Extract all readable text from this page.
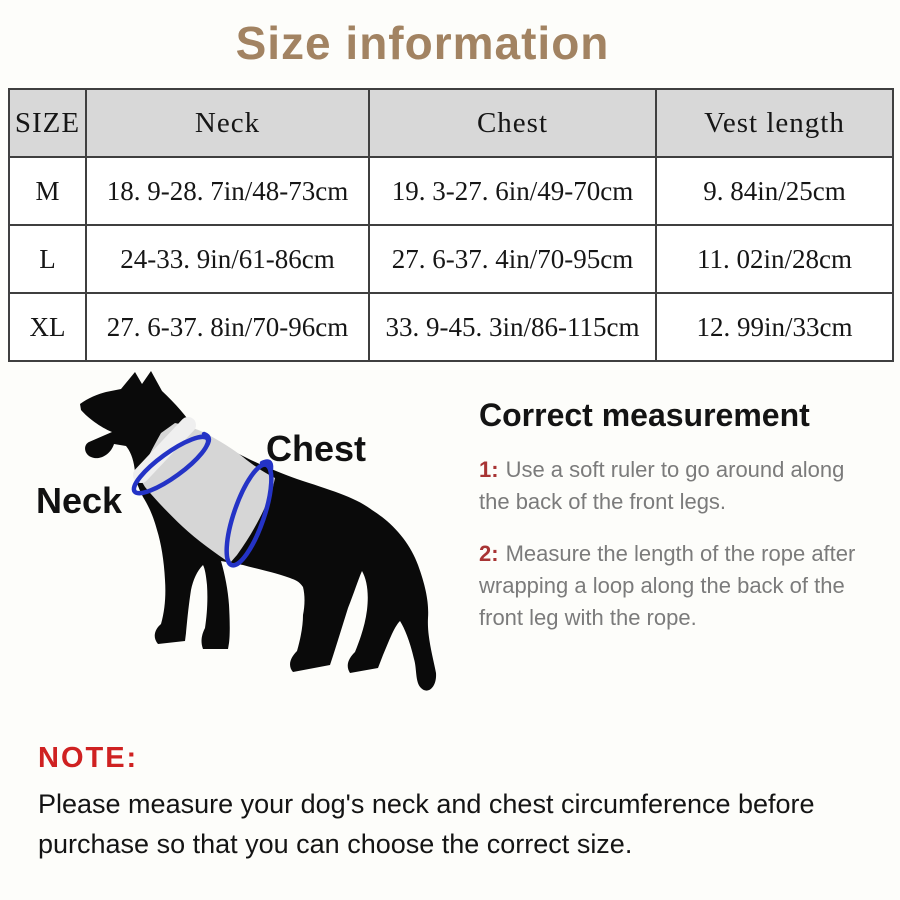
Size information
SIZE	Neck	Chest	Vest length
M	18. 9-28. 7in/48-73cm	19. 3-27. 6in/49-70cm	9. 84in/25cm
L	24-33. 9in/61-86cm	27. 6-37. 4in/70-95cm	11. 02in/28cm
XL	27. 6-37. 8in/70-96cm	33. 9-45. 3in/86-115cm	12. 99in/33cm
Neck
Chest
Correct measurement

1: Use a soft ruler to go around along the back of the front legs.

2: Measure the length of the rope after wrapping a loop along the back of the front leg with the rope.

NOTE:
Please measure your dog's neck and chest circumference before purchase so that you can choose the correct size.
